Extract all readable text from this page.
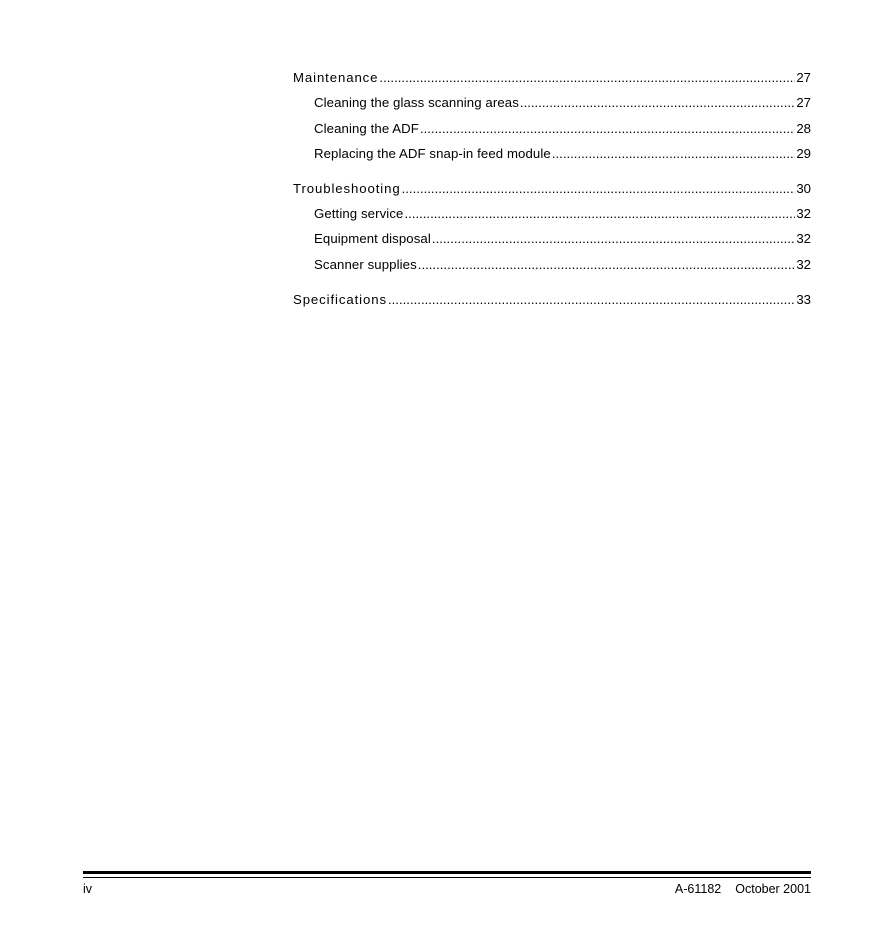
Maintenance .....	27
Cleaning the glass scanning areas .....	27
Cleaning the ADF .....	28
Replacing the ADF snap-in feed module .....	29
Troubleshooting .....	30
Getting service .....	32
Equipment disposal .....	32
Scanner supplies .....	32
Specifications .....	33
iv	A-61182 October 2001
